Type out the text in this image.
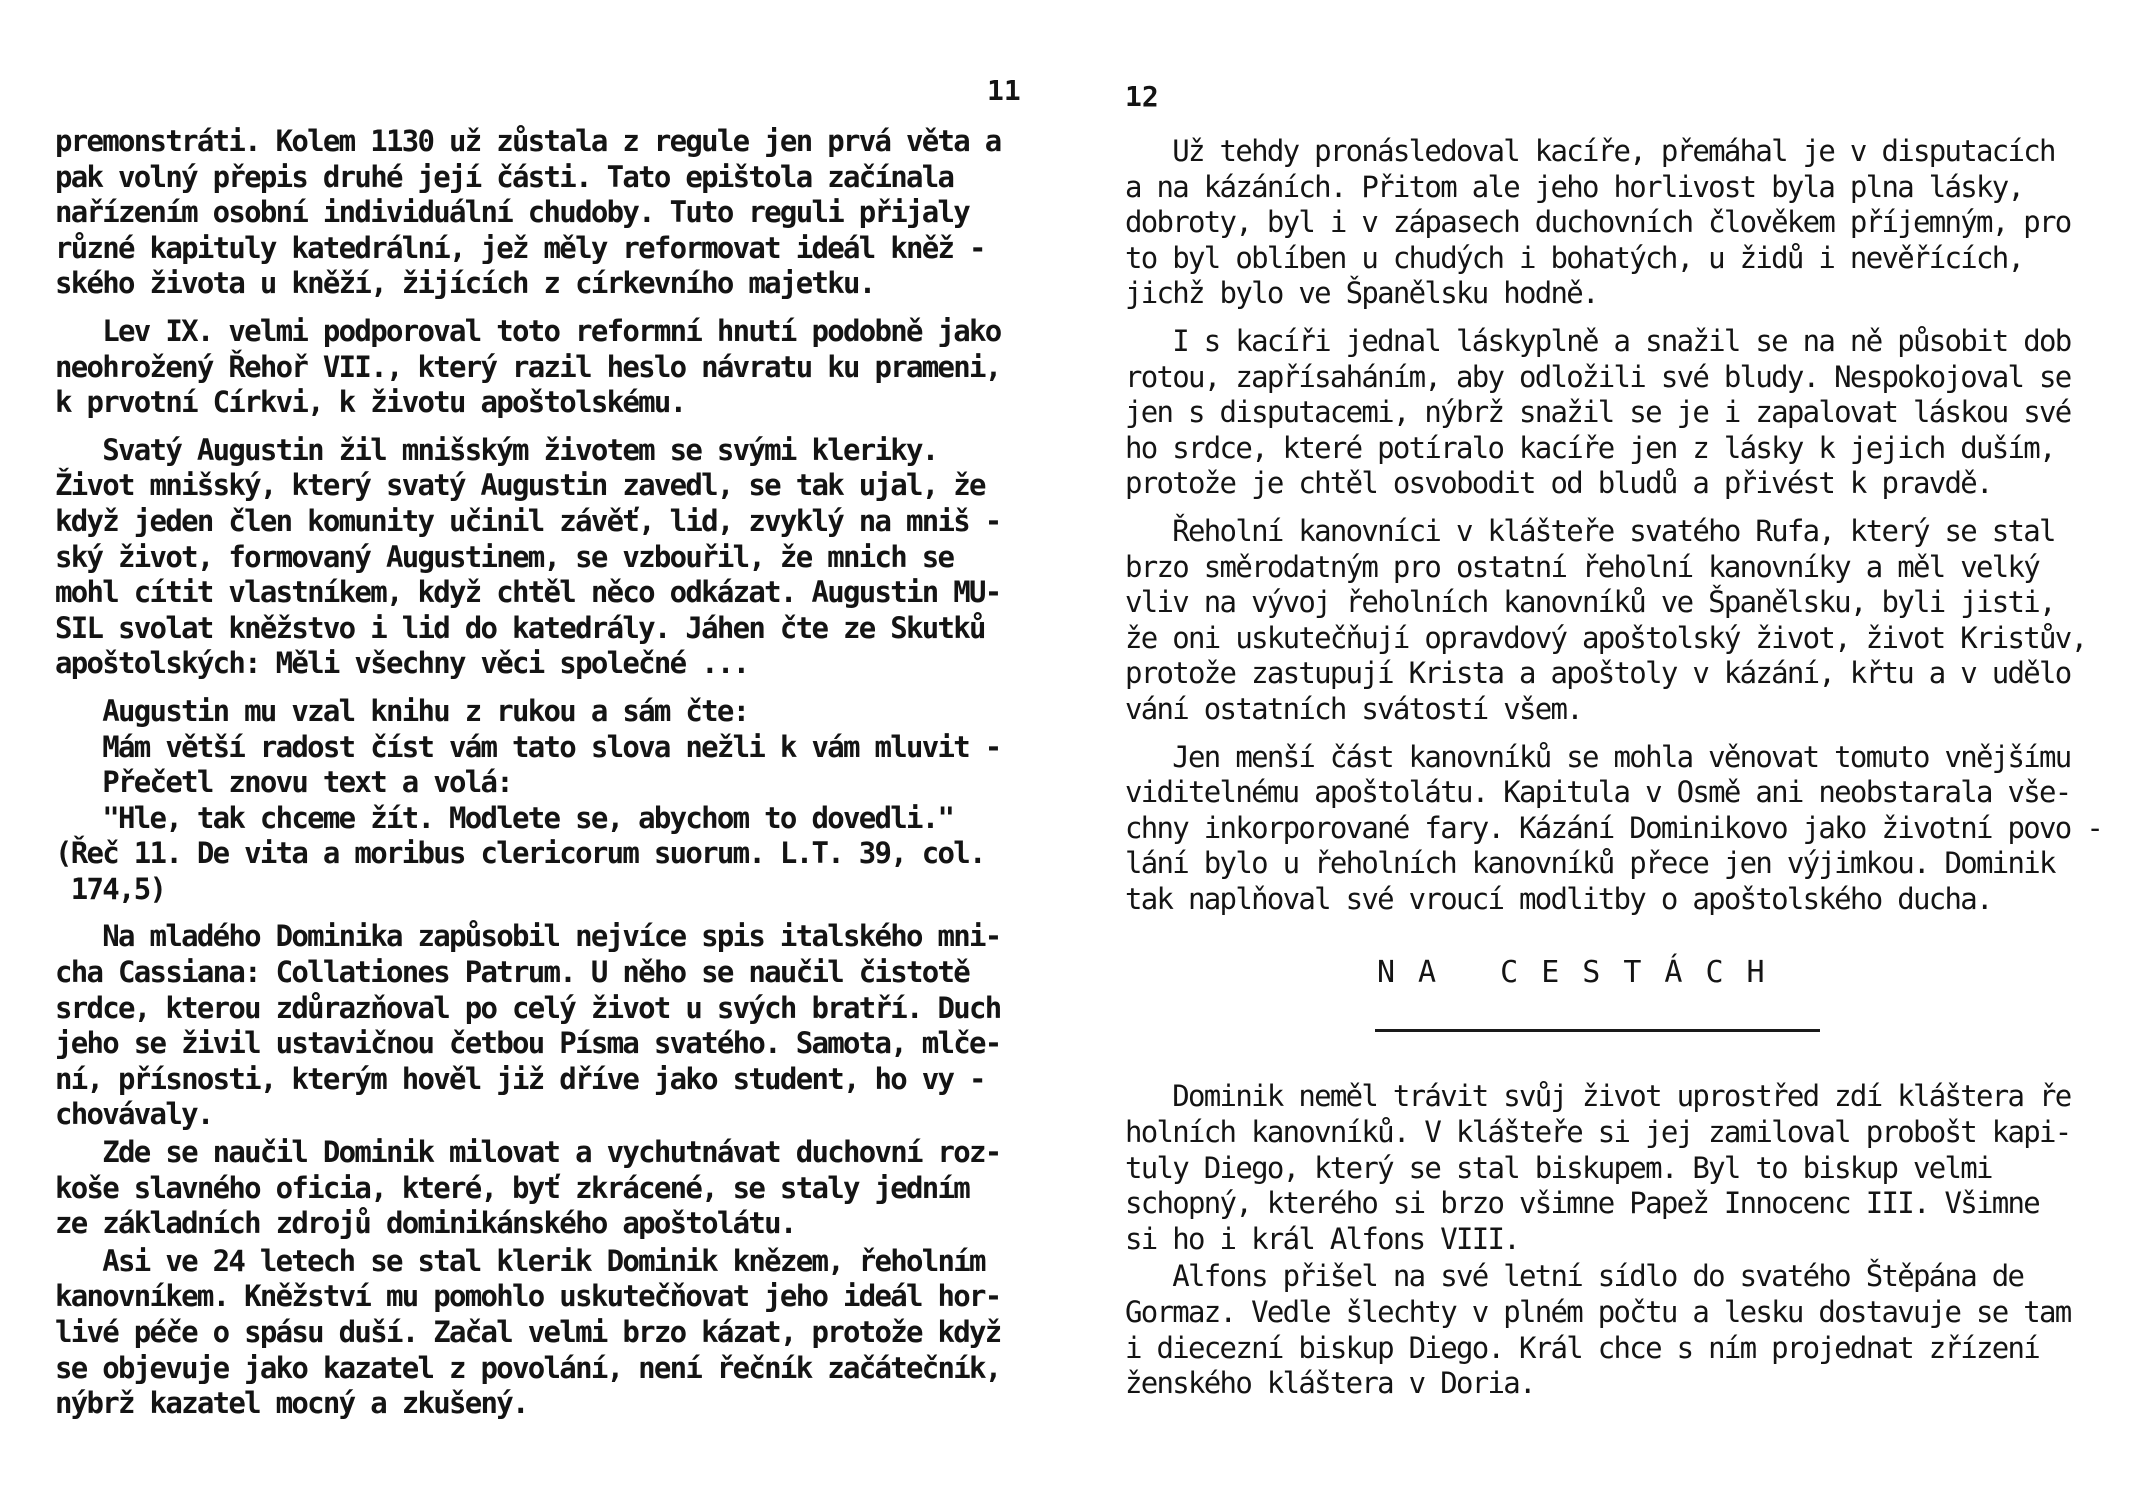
11

premonstráti. Kolem 1130 už zůstala z regule jen prvá věta a
pak volný přepis druhé její části. Tato epištola začínala
nařízením osobní individuální chudoby. Tuto reguli přijaly
různé kapituly katedrální, jež měly reformovat ideál kněž -
ského života u kněží, žijících z církevního majetku.

Lev IX. velmi podporoval toto reformní hnutí podobně jako
neohrožený Řehoř VII., který razil heslo návratu ku prameni,
k prvotní Církvi, k životu apoštolskému.

Svatý Augustin žil mnišským životem se svými kleriky.
Život mnišský, který svatý Augustin zavedl, se tak ujal, že
když jeden člen komunity učinil závěť, lid, zvyklý na mniš -
ský život, formovaný Augustinem, se vzbouřil, že mnich se
mohl cítit vlastníkem, když chtěl něco odkázat. Augustin MU-
SIL svolat kněžstvo i lid do katedrály. Jáhen čte ze Skutků
apoštolských: Měli všechny věci společné ...

Augustin mu vzal knihu z rukou a sám čte:
Mám větší radost číst vám tato slova nežli k vám mluvit -
Přečetl znovu text a volá:
"Hle, tak chceme žít. Modlete se, abychom to dovedli."
(Řeč 11. De vita a moribus clericorum suorum. L.T. 39, col.
174,5)

Na mladého Dominika zapůsobil nejvíce spis italského mni-
cha Cassiana: Collationes Patrum. U něho se naučil čistotě
srdce, kterou zdůrazňoval po celý život u svých bratří. Duch
jeho se živil ustavičnou četbou Písma svatého. Samota, mlče-
ní, přísnosti, kterým hověl již dříve jako student, ho vy -
chovávaly.

Zde se naučil Dominik milovat a vychutnávat duchovní roz-
koše slavného oficia, které, byť zkrácené, se staly jedním
ze základních zdrojů dominikánského apoštolátu.

Asi ve 24 letech se stal klerik Dominik knězem, řeholním
kanovníkem. Kněžství mu pomohlo uskutečňovat jeho ideál hor-
livé péče o spásu duší. Začal velmi brzo kázat, protože když
se objevuje jako kazatel z povolání, není řečník začátečník,
nýbrž kazatel mocný a zkušený.

12

Už tehdy pronásledoval kacíře, přemáhal je v disputacích
a na kázáních. Přitom ale jeho horlivost byla plna lásky,
dobroty, byl i v zápasech duchovních člověkem příjemným, pro
to byl oblíben u chudých i bohatých, u židů i nevěřících,
jichž bylo ve Španělsku hodně.

I s kacíři jednal láskyplně a snažil se na ně působit dob
rotou, zapřísaháním, aby odložili své bludy. Nespokojoval se
jen s disputacemi, nýbrž snažil se je i zapalovat láskou své
ho srdce, které potíralo kacíře jen z lásky k jejich duším,
protože je chtěl osvobodit od bludů a přivést k pravdě.

Řeholní kanovníci v klášteře svatého Rufa, který se stal
brzo směrodatným pro ostatní řeholní kanovníky a měl velký
vliv na vývoj řeholních kanovníků ve Španělsku, byli jisti,
že oni uskutečňují opravdový apoštolský život, život Kristův,
protože zastupují Krista a apoštoly v kázání, křtu a v udělo
vání ostatních svátostí všem.

Jen menší část kanovníků se mohla věnovat tomuto vnějšímu
viditelnému apoštolátu. Kapitula v Osmě ani neobstarala vše-
chny inkorporované fary. Kázání Dominikovo jako životní povo -
lání bylo u řeholních kanovníků přece jen výjimkou. Dominik
tak naplňoval své vroucí modlitby o apoštolského ducha.

NA CESTÁCH

Dominik neměl trávit svůj život uprostřed zdí kláštera ře
holních kanovníků. V klášteře si jej zamiloval probošt kapi-
tuly Diego, který se stal biskupem. Byl to biskup velmi
schopný, kterého si brzo všimne Papež Innocenc III. Všimne
si ho i král Alfons VIII.

Alfons přišel na své letní sídlo do svatého Štěpána de
Gormaz. Vedle šlechty v plném počtu a lesku dostavuje se tam
i diecezní biskup Diego. Král chce s ním projednat zřízení
ženského kláštera v Doria.
